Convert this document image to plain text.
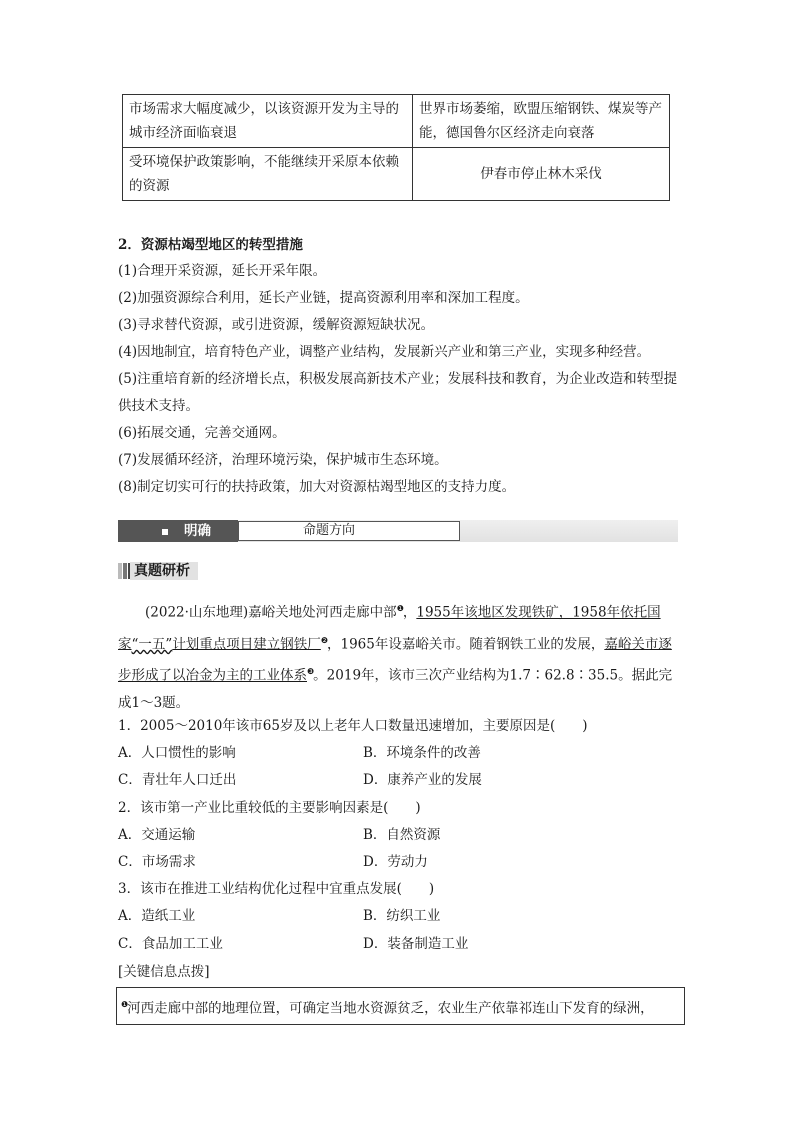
市场需求大幅度减少，以该资源开发为主导的城市经济面临衰退	世界市场萎缩，欧盟压缩钢铁、煤炭等产能，德国鲁尔区经济走向衰落
受环境保护政策影响，不能继续开采原本依赖的资源	伊春市停止林木采伐
2．资源枯竭型地区的转型措施
(1)合理开采资源，延长开采年限。
(2)加强资源综合利用，延长产业链，提高资源利用率和深加工程度。
(3)寻求替代资源，或引进资源，缓解资源短缺状况。
(4)因地制宜，培育特色产业，调整产业结构，发展新兴产业和第三产业，实现多种经营。
(5)注重培育新的经济增长点，积极发展高新技术产业；发展科技和教育，为企业改造和转型提供技术支持。
(6)拓展交通，完善交通网。
(7)发展循环经济，治理环境污染，保护城市生态环境。
(8)制定切实可行的扶持政策，加大对资源枯竭型地区的支持力度。
明确	命题方向
真题研析
(2022·山东地理)嘉峪关地处河西走廊中部$^❶$，1955年该地区发现铁矿，1958年依托国家“一五”计划重点项目建立钢铁厂$^❷$，1965年设嘉峪关市。随着钢铁工业的发展，嘉峪关市逐步形成了以冶金为主的工业体系$^❸$。2019年，该市三次产业结构为1.7∶62.8∶35.5。据此完成1～3题。
1．2005～2010年该市65岁及以上老年人口数量迅速增加，主要原因是(　　)
A．人口惯性的影响	B．环境条件的改善
C．青壮年人口迁出	D．康养产业的发展
2．该市第一产业比重较低的主要影响因素是(　　)
A．交通运输	B．自然资源
C．市场需求	D．劳动力
3．该市在推进工业结构优化过程中宜重点发展(　　)
A．造纸工业	B．纺织工业
C．食品加工工业	D．装备制造工业
[关键信息点拨]
$^❶$河西走廊中部的地理位置，可确定当地水资源贫乏，农业生产依靠祁连山下发育的绿洲，
